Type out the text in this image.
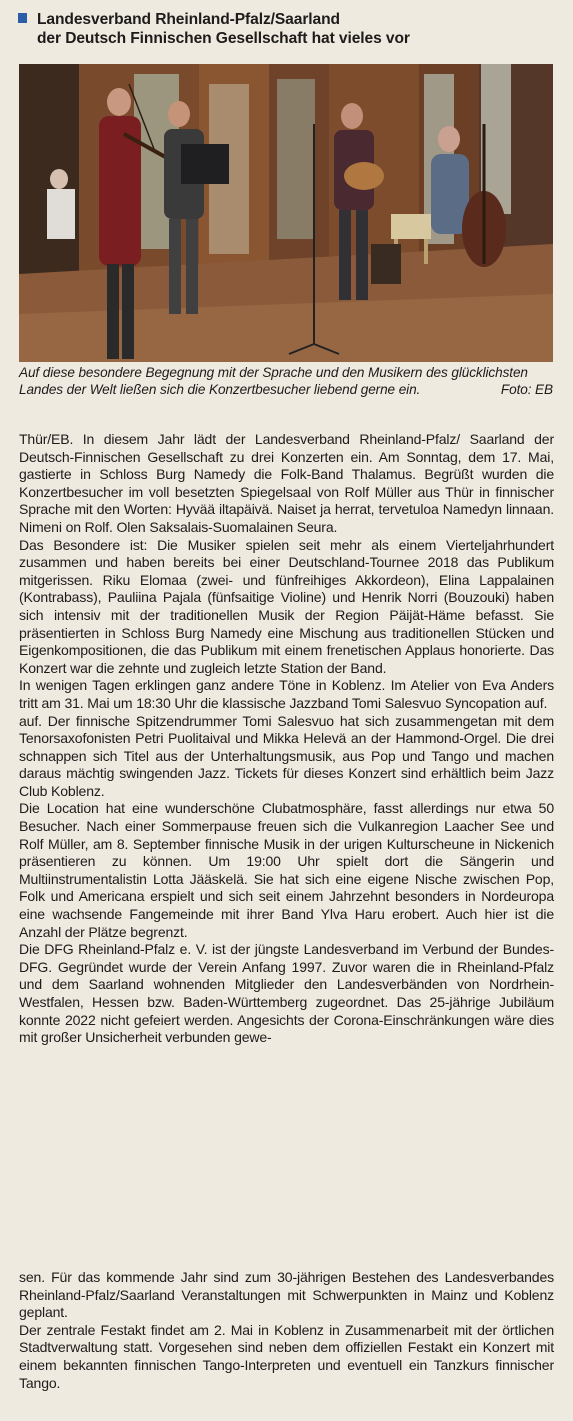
Landesverband Rheinland-Pfalz/Saarland
der Deutsch Finnischen Gesellschaft hat vieles vor
Auf diese besondere Begegnung mit der Sprache und den Musikern des glücklichsten Landes der Welt ließen sich die Konzertbesucher liebend gerne ein.	Foto: EB

Thür/EB. In diesem Jahr lädt der Landesverband Rheinland-Pfalz/ Saarland der Deutsch-Finnischen Gesellschaft zu drei Konzerten ein. Am Sonntag, dem 17. Mai, gastierte in Schloss Burg Namedy die Folk-Band Thalamus. Begrüßt wurden die Konzertbesucher im voll besetzten Spiegelsaal von Rolf Müller aus Thür in finnischer Sprache mit den Worten: Hyvää iltapäivä. Naiset ja herrat, tervetuloa Namedyn linnaan. Nimeni on Rolf. Olen Saksalais-Suomalainen Seura.

Das Besondere ist: Die Musiker spielen seit mehr als einem Vierteljahrhundert zusammen und haben bereits bei einer Deutschland-Tournee 2018 das Publikum mitgerissen. Riku Elomaa (zwei- und fünfreihiges Akkordeon), Elina Lappalainen (Kontrabass), Pauliina Pajala (fünfsaitige Violine) und Henrik Norri (Bouzouki) haben sich intensiv mit der traditionellen Musik der Region Päijät-Häme befasst. Sie präsentierten in Schloss Burg Namedy eine Mischung aus traditionellen Stücken und Eigenkompositionen, die das Publikum mit einem frenetischen Applaus honorierte. Das Konzert war die zehnte und zugleich letzte Station der Band.

In wenigen Tagen erklingen ganz andere Töne in Koblenz. Im Atelier von Eva Anders tritt am 31. Mai um 18:30 Uhr die klassische Jazzband Tomi Salesvuo Syncopation auf.

auf. Der finnische Spitzendrummer Tomi Salesvuo hat sich zusammengetan mit dem Tenorsaxofonisten Petri Puolitaival und Mikka Helevä an der Hammond-Orgel. Die drei schnappen sich Titel aus der Unterhaltungsmusik, aus Pop und Tango und machen daraus mächtig swingenden Jazz. Tickets für dieses Konzert sind erhältlich beim Jazz Club Koblenz.

Die Location hat eine wunderschöne Clubatmosphäre, fasst allerdings nur etwa 50 Besucher. Nach einer Sommerpause freuen sich die Vulkanregion Laacher See und Rolf Müller, am 8. September finnische Musik in der urigen Kulturscheune in Nickenich präsentieren zu können. Um 19:00 Uhr spielt dort die Sängerin und Multiinstrumentalistin Lotta Jääskelä. Sie hat sich eine eigene Nische zwischen Pop, Folk und Americana erspielt und sich seit einem Jahrzehnt besonders in Nordeuropa eine wachsende Fangemeinde mit ihrer Band Ylva Haru erobert. Auch hier ist die Anzahl der Plätze begrenzt.

Die DFG Rheinland-Pfalz e. V. ist der jüngste Landesverband im Verbund der Bundes-DFG. Gegründet wurde der Verein Anfang 1997. Zuvor waren die in Rheinland-Pfalz und dem Saarland wohnenden Mitglieder den Landesverbänden von Nordrhein-Westfalen, Hessen bzw. Baden-Württemberg zugeordnet. Das 25-jährige Jubiläum konnte 2022 nicht gefeiert werden. Angesichts der Corona-Einschränkungen wäre dies mit großer Unsicherheit verbunden gewe-

sen. Für das kommende Jahr sind zum 30-jährigen Bestehen des Landesverbandes Rheinland-Pfalz/Saarland Veranstaltungen mit Schwerpunkten in Mainz und Koblenz geplant.

Der zentrale Festakt findet am 2. Mai in Koblenz in Zusammenarbeit mit der örtlichen Stadtverwaltung statt. Vorgesehen sind neben dem offiziellen Festakt ein Konzert mit einem bekannten finnischen Tango-Interpreten und eventuell ein Tanzkurs finnischer Tango.
